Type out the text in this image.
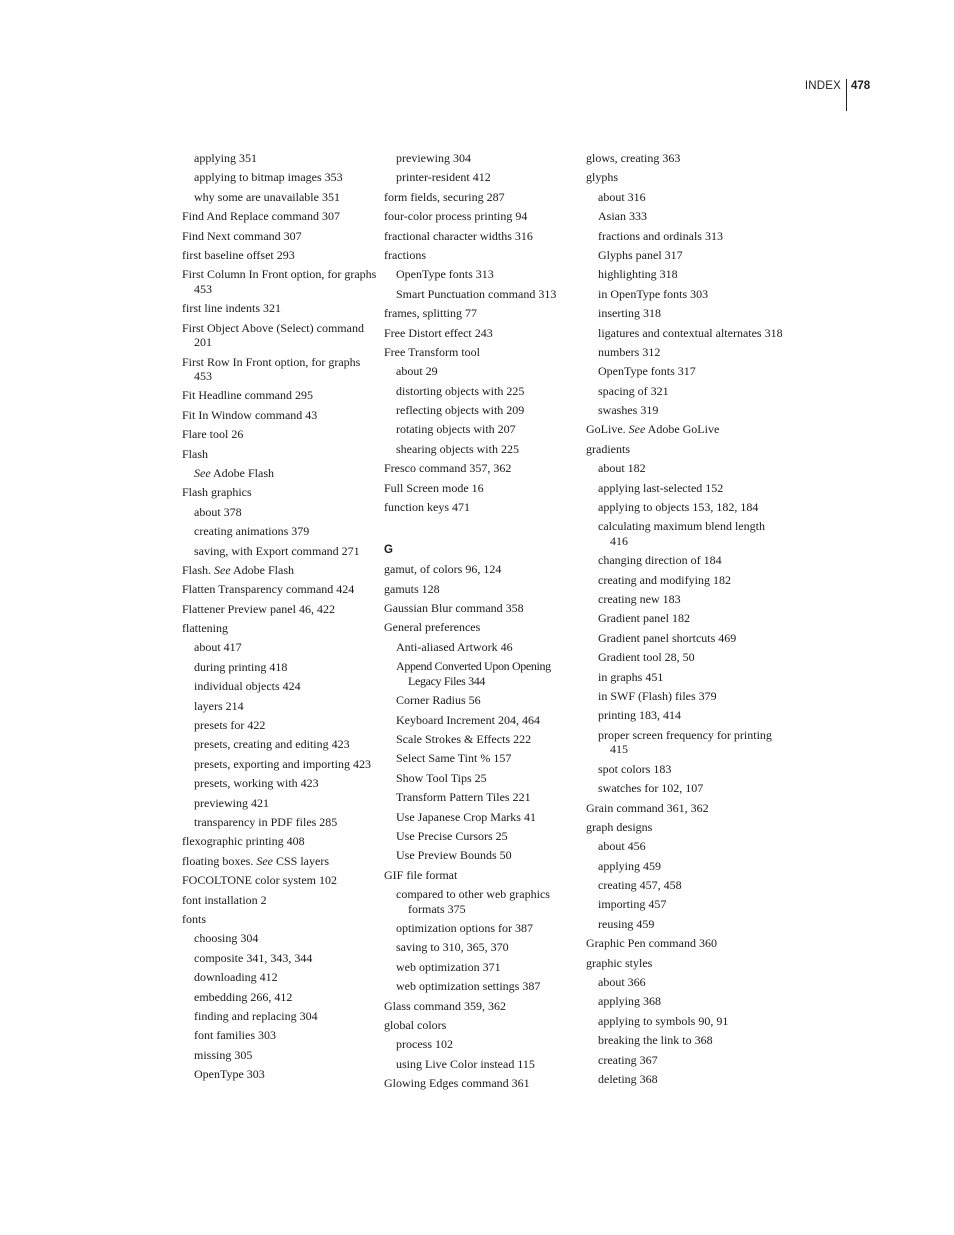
INDEX 478
applying 351
applying to bitmap images 353
why some are unavailable 351
Find And Replace command 307
Find Next command 307
first baseline offset 293
First Column In Front option, for graphs 453
first line indents 321
First Object Above (Select) command 201
First Row In Front option, for graphs 453
Fit Headline command 295
Fit In Window command 43
Flare tool 26
Flash
See Adobe Flash
Flash graphics
about 378
creating animations 379
saving, with Export command 271
Flash. See Adobe Flash
Flatten Transparency command 424
Flattener Preview panel 46, 422
flattening
about 417
during printing 418
individual objects 424
layers 214
presets for 422
presets, creating and editing 423
presets, exporting and importing 423
presets, working with 423
previewing 421
transparency in PDF files 285
flexographic printing 408
floating boxes. See CSS layers
FOCOLTONE color system 102
font installation 2
fonts
choosing 304
composite 341, 343, 344
downloading 412
embedding 266, 412
finding and replacing 304
font families 303
missing 305
OpenType 303
previewing 304
printer-resident 412
form fields, securing 287
four-color process printing 94
fractional character widths 316
fractions
OpenType fonts 313
Smart Punctuation command 313
frames, splitting 77
Free Distort effect 243
Free Transform tool
about 29
distorting objects with 225
reflecting objects with 209
rotating objects with 207
shearing objects with 225
Fresco command 357, 362
Full Screen mode 16
function keys 471
G
gamut, of colors 96, 124
gamuts 128
Gaussian Blur command 358
General preferences
Anti-aliased Artwork 46
Append Converted Upon Opening Legacy Files 344
Corner Radius 56
Keyboard Increment 204, 464
Scale Strokes & Effects 222
Select Same Tint % 157
Show Tool Tips 25
Transform Pattern Tiles 221
Use Japanese Crop Marks 41
Use Precise Cursors 25
Use Preview Bounds 50
GIF file format
compared to other web graphics formats 375
optimization options for 387
saving to 310, 365, 370
web optimization 371
web optimization settings 387
Glass command 359, 362
global colors
process 102
using Live Color instead 115
Glowing Edges command 361
glows, creating 363
glyphs
about 316
Asian 333
fractions and ordinals 313
Glyphs panel 317
highlighting 318
in OpenType fonts 303
inserting 318
ligatures and contextual alternates 318
numbers 312
OpenType fonts 317
spacing of 321
swashes 319
GoLive. See Adobe GoLive
gradients
about 182
applying last-selected 152
applying to objects 153, 182, 184
calculating maximum blend length 416
changing direction of 184
creating and modifying 182
creating new 183
Gradient panel 182
Gradient panel shortcuts 469
Gradient tool 28, 50
in graphs 451
in SWF (Flash) files 379
printing 183, 414
proper screen frequency for printing 415
spot colors 183
swatches for 102, 107
Grain command 361, 362
graph designs
about 456
applying 459
creating 457, 458
importing 457
reusing 459
Graphic Pen command 360
graphic styles
about 366
applying 368
applying to symbols 90, 91
breaking the link to 368
creating 367
deleting 368
